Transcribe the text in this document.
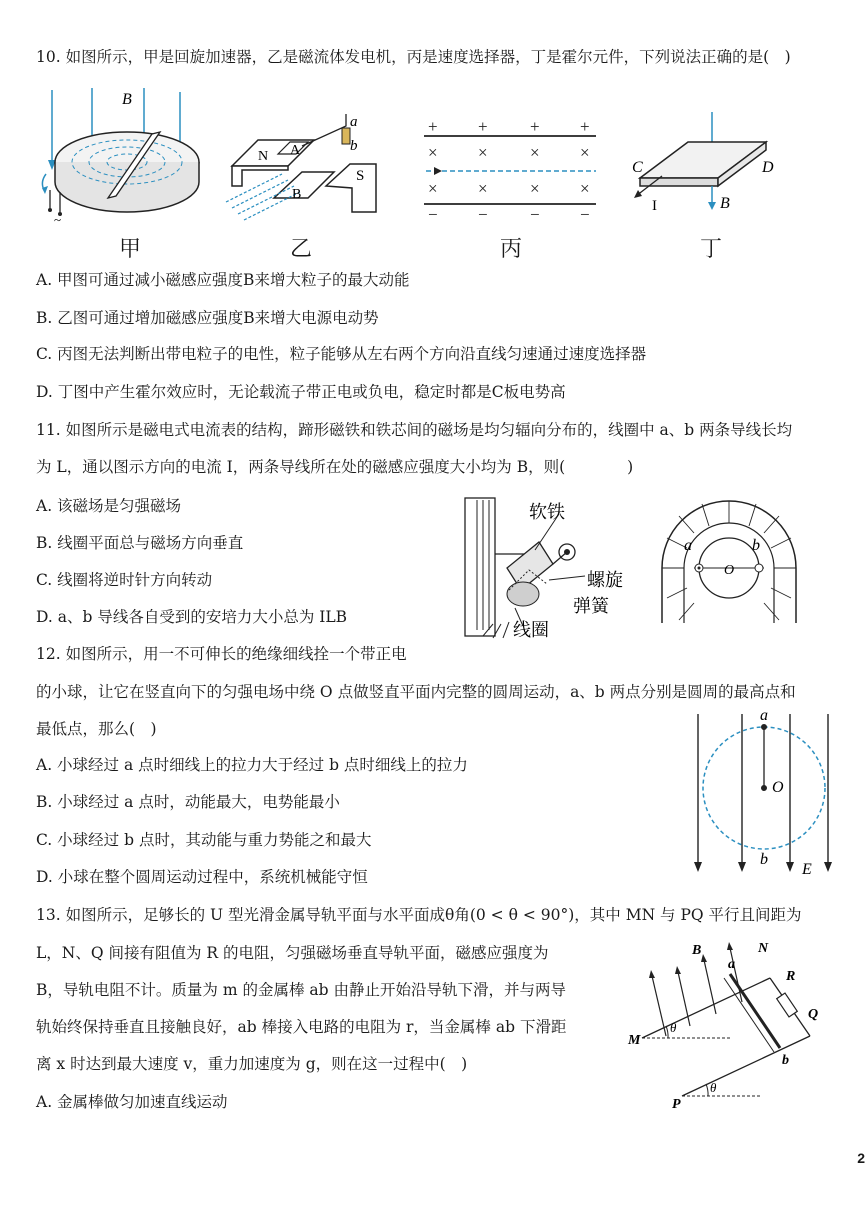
10. 如图所示，甲是回旋加速器，乙是磁流体发电机，丙是速度选择器，丁是霍尔元件，下列说法正确的是(　)
B
~
甲
N A
B
S
a
b
乙
+ + + +
× × × ×
× × × ×
− − − −
丙
C	D
I	B
丁
A. 甲图可通过减小磁感应强度B来增大粒子的最大动能
B. 乙图可通过增加磁感应强度B来增大电源电动势
C. 丙图无法判断出带电粒子的电性，粒子能够从左右两个方向沿直线匀速通过速度选择器
D. 丁图中产生霍尔效应时，无论载流子带正电或负电，稳定时都是C板电势高
11. 如图所示是磁电式电流表的结构，蹄形磁铁和铁芯间的磁场是均匀辐向分布的，线圈中 a、b 两条导线长均
为 L，通以图示方向的电流 I，两条导线所在处的磁感应强度大小均为 B，则(　　　　)
软铁
螺旋
弹簧
线圈
a	b
O
A. 该磁场是匀强磁场
B. 线圈平面总与磁场方向垂直
C. 线圈将逆时针方向转动
D. a、b 导线各自受到的安培力大小总为 ILB
12. 如图所示，用一不可伸长的绝缘细线拴一个带正电
的小球，让它在竖直向下的匀强电场中绕 O 点做竖直平面内完整的圆周运动，a、b 两点分别是圆周的最高点和
最低点，那么(　)
a
O
b
E
A. 小球经过 a 点时细线上的拉力大于经过 b 点时细线上的拉力
B. 小球经过 a 点时，动能最大，电势能最小
C. 小球经过 b 点时，其动能与重力势能之和最大
D. 小球在整个圆周运动过程中，系统机械能守恒
13. 如图所示，足够长的 U 型光滑金属导轨平面与水平面成θ角(0 < θ < 90°)，其中 MN 与 PQ 平行且间距为
L，N、Q 间接有阻值为 R 的电阻，匀强磁场垂直导轨平面，磁感应强度为
B，导轨电阻不计。质量为 m 的金属棒 ab 由静止开始沿导轨下滑，并与两导
轨始终保持垂直且接触良好，ab 棒接入电路的电阻为 r，当金属棒 ab 下滑距
离 x 时达到最大速度 v，重力加速度为 g，则在这一过程中(　)
A. 金属棒做匀加速直线运动
M
θ
B	N
a
R
Q
b
P
θ
2
